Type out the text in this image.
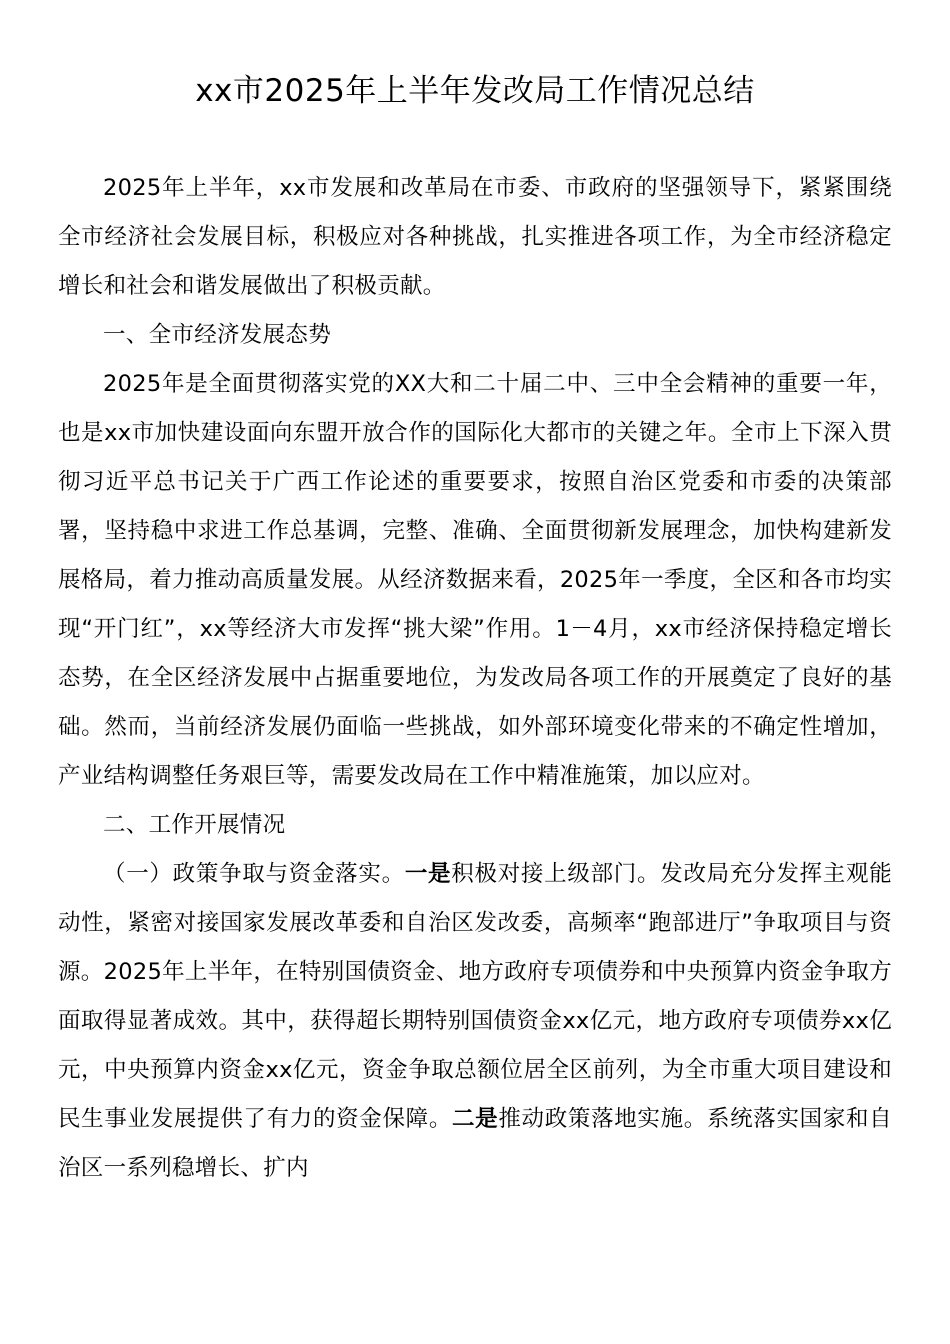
xx市2025年上半年发改局工作情况总结

2025年上半年，xx市发展和改革局在市委、市政府的坚强领导下，紧紧围绕全市经济社会发展目标，积极应对各种挑战，扎实推进各项工作，为全市经济稳定增长和社会和谐发展做出了积极贡献。

一、全市经济发展态势

2025年是全面贯彻落实党的XX大和二十届二中、三中全会精神的重要一年，也是xx市加快建设面向东盟开放合作的国际化大都市的关键之年。全市上下深入贯彻习近平总书记关于广西工作论述的重要要求，按照自治区党委和市委的决策部署，坚持稳中求进工作总基调，完整、准确、全面贯彻新发展理念，加快构建新发展格局，着力推动高质量发展。从经济数据来看，2025年一季度，全区和各市均实现“开门红”，xx等经济大市发挥“挑大梁”作用。1－4月，xx市经济保持稳定增长态势，在全区经济发展中占据重要地位，为发改局各项工作的开展奠定了良好的基础。然而，当前经济发展仍面临一些挑战，如外部环境变化带来的不确定性增加，产业结构调整任务艰巨等，需要发改局在工作中精准施策，加以应对。

二、工作开展情况

（一）政策争取与资金落实。一是积极对接上级部门。发改局充分发挥主观能动性，紧密对接国家发展改革委和自治区发改委，高频率“跑部进厅”争取项目与资源。2025年上半年，在特别国债资金、地方政府专项债券和中央预算内资金争取方面取得显著成效。其中，获得超长期特别国债资金xx亿元，地方政府专项债券xx亿元，中央预算内资金xx亿元，资金争取总额位居全区前列，为全市重大项目建设和民生事业发展提供了有力的资金保障。二是推动政策落地实施。系统落实国家和自治区一系列稳增长、扩内
